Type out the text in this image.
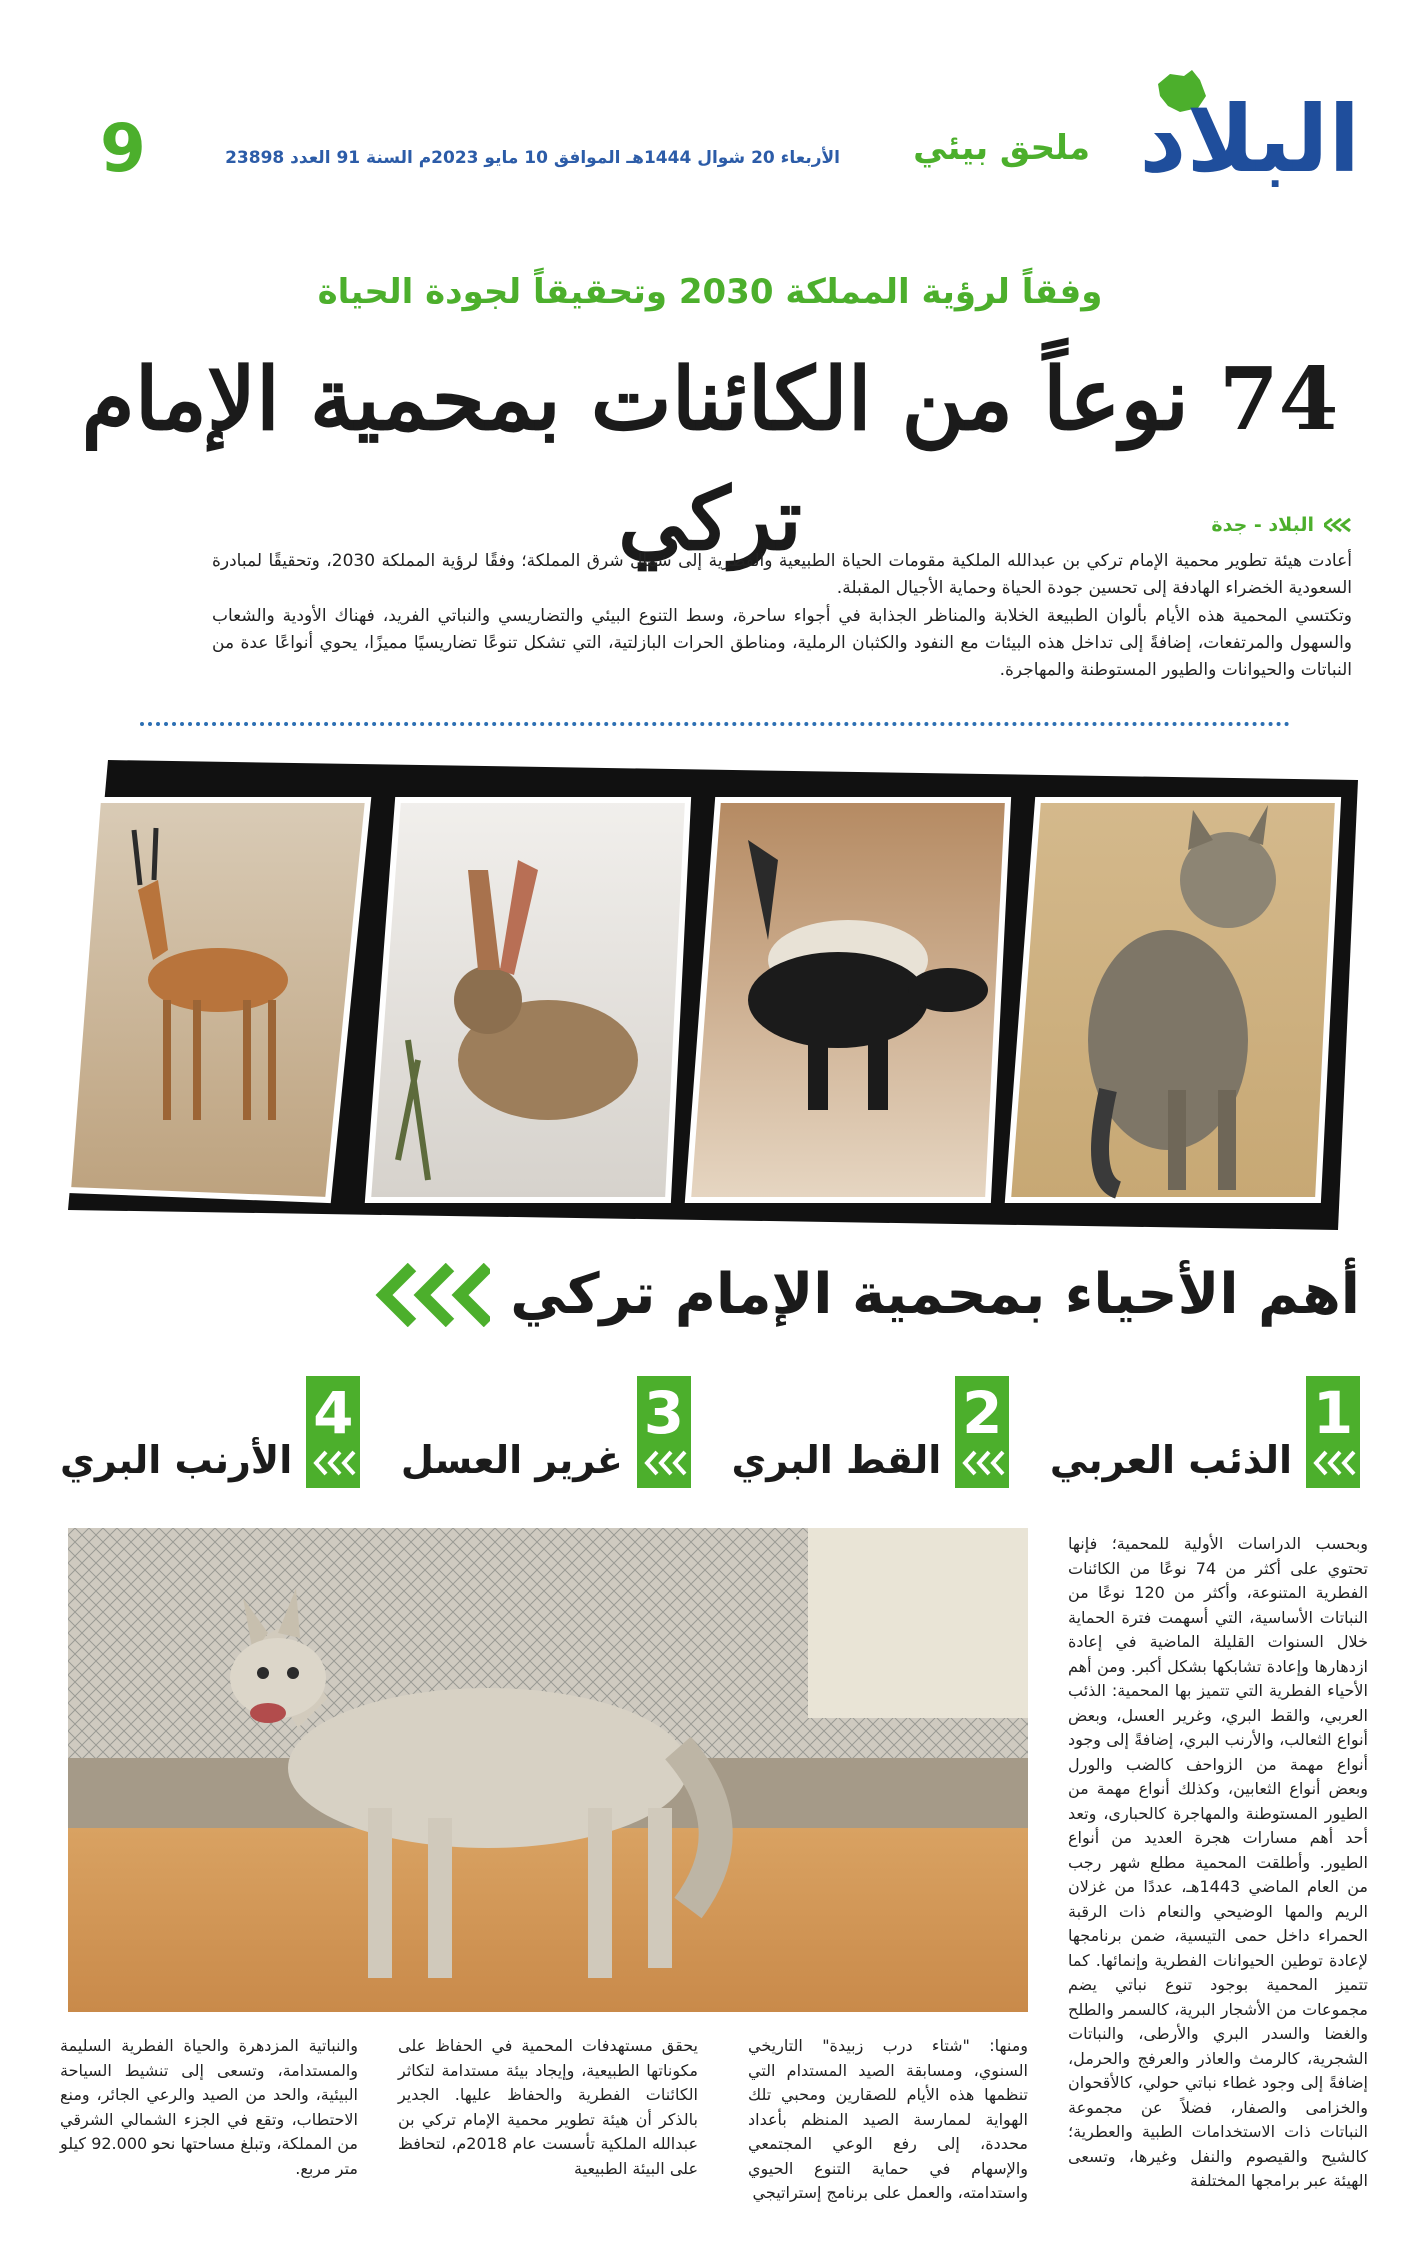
البلاد
ملحق بيئي
الأربعاء 20 شوال 1444هـ الموافق 10 مايو 2023م السنة 91 العدد 23898
9
وفقاً لرؤية المملكة 2030 وتحقيقاً لجودة الحياة
74 نوعاً من الكائنات بمحمية الإمام تركي	البلاد - جدة

أعادت هيئة تطوير محمية الإمام تركي بن عبدالله الملكية مقومات الحياة الطبيعية والفطرية إلى شمال شرق المملكة؛ وفقًا لرؤية المملكة 2030، وتحقيقًا لمبادرة السعودية الخضراء الهادفة إلى تحسين جودة الحياة وحماية الأجيال المقبلة.

وتكتسي المحمية هذه الأيام بألوان الطبيعة الخلابة والمناظر الجذابة في أجواء ساحرة، وسط التنوع البيئي والتضاريسي والنباتي الفريد، فهناك الأودية والشعاب والسهول والمرتفعات، إضافةً إلى تداخل هذه البيئات مع النفود والكثبان الرملية، ومناطق الحرات البازلتية، التي تشكل تنوعًا تضاريسيًا مميزًا، يحوي أنواعًا عدة من النباتات والحيوانات والطيور المستوطنة والمهاجرة.

أهم الأحياء بمحمية الإمام تركي
1
الذئب العربي
2
القط البري
3
غرير العسل
4
الأرنب البري
وبحسب الدراسات الأولية للمحمية؛ فإنها تحتوي على أكثر من 74 نوعًا من الكائنات الفطرية المتنوعة، وأكثر من 120 نوعًا من النباتات الأساسية، التي أسهمت فترة الحماية خلال السنوات القليلة الماضية في إعادة ازدهارها وإعادة تشابكها بشكل أكبر. ومن أهم الأحياء الفطرية التي تتميز بها المحمية: الذئب العربي، والقط البري، وغرير العسل، وبعض أنواع الثعالب، والأرنب البري، إضافةً إلى وجود أنواع مهمة من الزواحف كالضب والورل وبعض أنواع الثعابين، وكذلك أنواع مهمة من الطيور المستوطنة والمهاجرة كالحبارى، وتعد أحد أهم مسارات هجرة العديد من أنواع الطيور. وأطلقت المحمية مطلع شهر رجب من العام الماضي 1443هـ، عددًا من غزلان الريم والمها الوضيحي والنعام ذات الرقبة الحمراء داخل حمى التيسية، ضمن برنامجها لإعادة توطين الحيوانات الفطرية وإنمائها. كما تتميز المحمية بوجود تنوع نباتي يضم مجموعات من الأشجار البرية، كالسمر والطلح والغضا والسدر البري والأرطى، والنباتات الشجرية، كالرمث والعاذر والعرفج والحرمل، إضافةً إلى وجود غطاء نباتي حولي، كالأقحوان والخزامى والصفار، فضلاً عن مجموعة النباتات ذات الاستخدامات الطبية والعطرية؛ كالشيح والقيصوم والنفل وغيرها، وتسعى الهيئة عبر برامجها المختلفة
ومنها: "شتاء درب زبيدة" التاريخي السنوي، ومسابقة الصيد المستدام التي تنظمها هذه الأيام للصقارين ومحبي تلك الهواية لممارسة الصيد المنظم بأعداد محددة، إلى رفع الوعي المجتمعي والإسهام في حماية التنوع الحيوي واستدامته، والعمل على برنامج إستراتيجي
يحقق مستهدفات المحمية في الحفاظ على مكوناتها الطبيعية، وإيجاد بيئة مستدامة لتكاثر الكائنات الفطرية والحفاظ عليها. الجدير بالذكر أن هيئة تطوير محمية الإمام تركي بن عبدالله الملكية تأسست عام 2018م، لتحافظ على البيئة الطبيعية
والنباتية المزدهرة والحياة الفطرية السليمة والمستدامة، وتسعى إلى تنشيط السياحة البيئية، والحد من الصيد والرعي الجائر، ومنع الاحتطاب، وتقع في الجزء الشمالي الشرقي من المملكة، وتبلغ مساحتها نحو 92.000 كيلو متر مربع.
